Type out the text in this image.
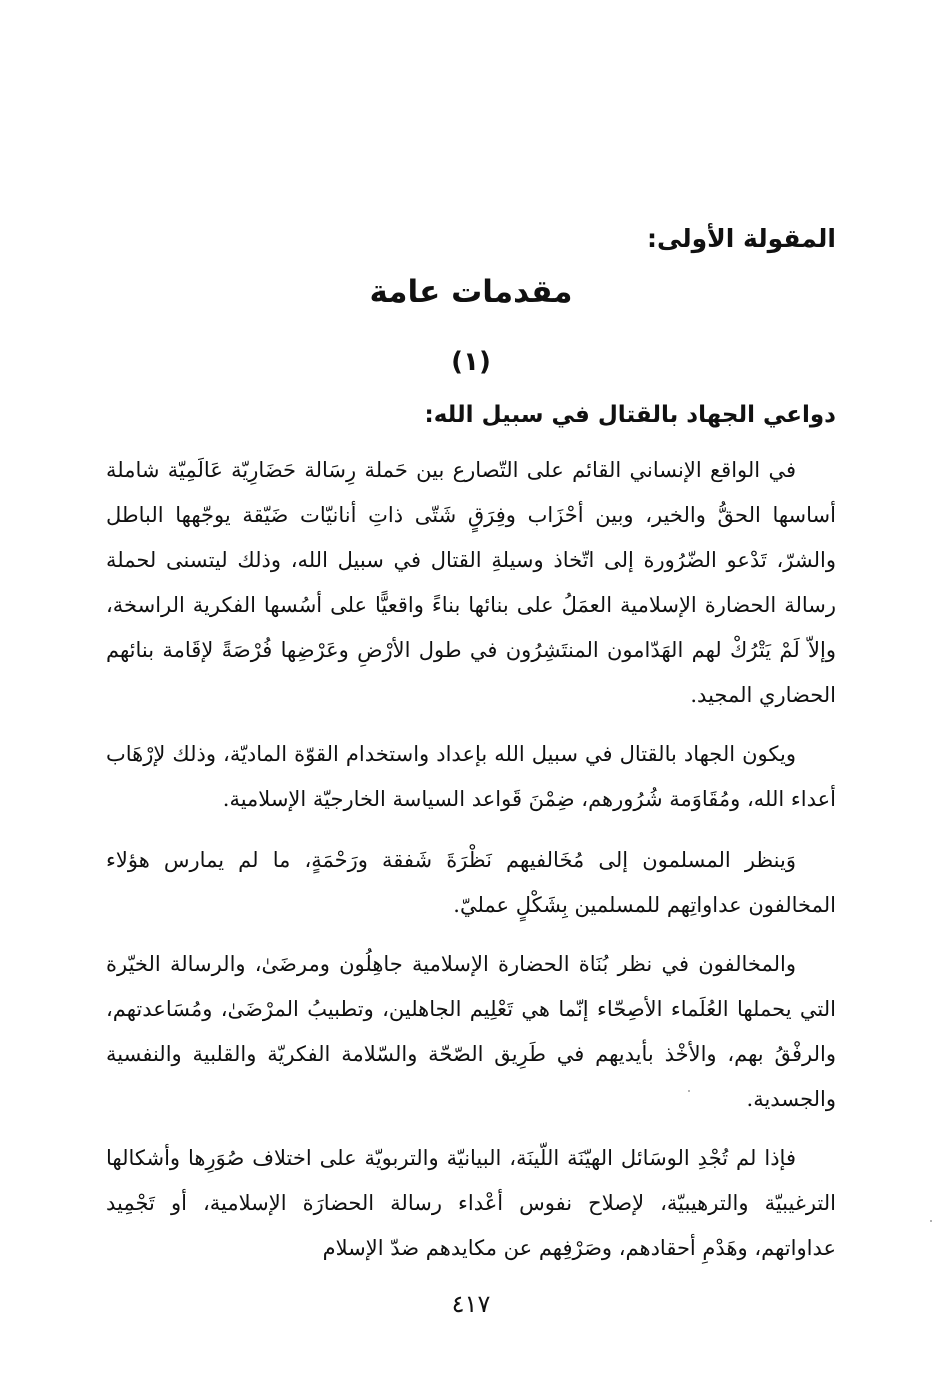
المقولة الأولى:
مقدمات عامة
(١)
دواعي الجهاد بالقتال في سبيل الله:

في الواقع الإنساني القائم على التّصارع بين حَملة رِسَالة حَضَارِيّة عَالَمِيّة شاملة أساسها الحقُّ والخير، وبين أحْزَاب وفِرَقٍ شَتّى ذاتِ أنانيّات ضَيّقة يوجّهها الباطل والشرّ، تَدْعو الضّرُورة إلى اتّخاذ وسيلةِ القتال في سبيل الله، وذلك ليتسنى لحملة رسالة الحضارة الإسلامية العمَلُ على بنائها بناءً واقعيًّا على أسُسها الفكرية الراسخة، وإلاّ لَمْ يَتْرُكْ لهم الهَدّامون المنتَشِرُون في طول الأرْضِ وعَرْضِها فُرْصَةً لإقَامة بنائهم الحضاري المجيد.

ويكون الجهاد بالقتال في سبيل الله بإعداد واستخدام القوّة الماديّة، وذلك لإرْهَاب أعداء الله، ومُقَاوَمة شُرُورهم، ضِمْنَ قَواعد السياسة الخارجيّة الإسلامية.

وَينظر المسلمون إلى مُخَالفيهم نَظْرَةَ شَفقة ورَحْمَةٍ، ما لم يمارس هؤلاء المخالفون عداواتِهم للمسلمين بِشَكْلٍ عمليّ.

والمخالفون في نظر بُنَاة الحضارة الإسلامية جاهِلُون ومرضَىٰ، والرسالة الخيّرة التي يحملها العُلَماء الأصِحّاء إنّما هي تَعْلِيم الجاهلين، وتطبيبُ المرْضَىٰ، ومُسَاعدتهم، والرفْقُ بهم، والأخْذ بأيديهم في طَرِيق الصّحّة والسّلامة الفكريّة والقلبية والنفسية والجسدية.

فإذا لم تُجْدِ الوسَائل الهيّنَة اللّينَة، البيانيّة والتربويّة على اختلاف صُوَرِها وأشكالها الترغيبيّة والترهيبيّة، لإصلاح نفوس أعْداء رسالة الحضارَة الإسلامية، أو تَجْمِيد عداواتهم، وهَدْمِ أحقادهم، وصَرْفِهم عن مكايدهم ضدّ الإسلام

٤١٧
